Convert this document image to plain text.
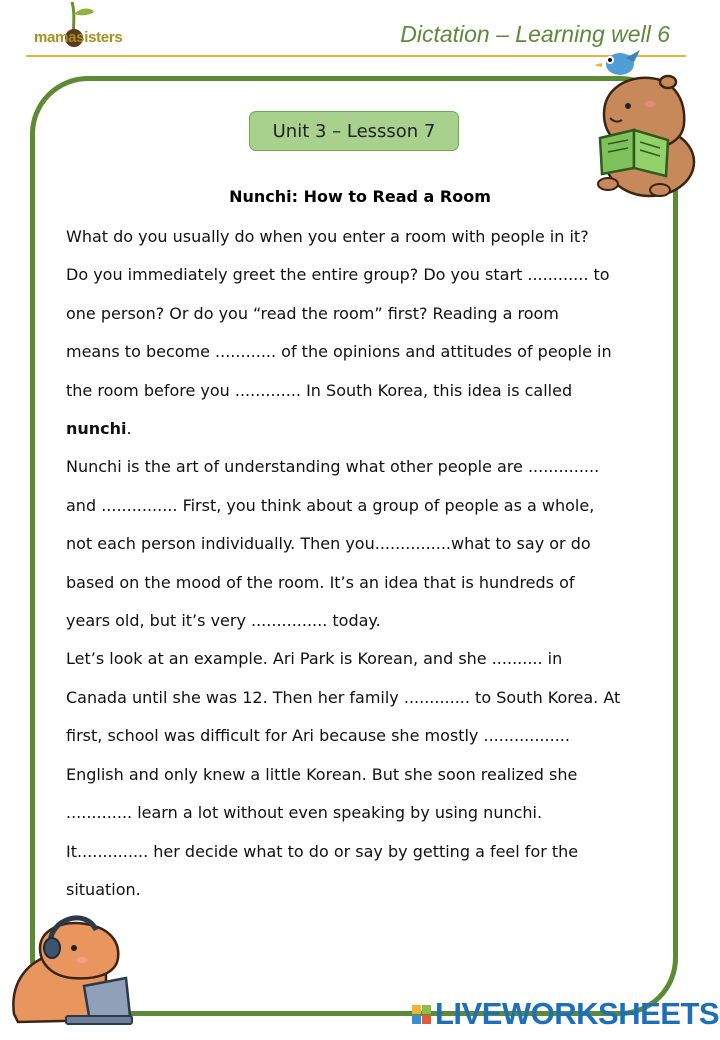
mamasisters	Dictation – Learning well 6
Unit 3 – Lessson 7
Nunchi: How to Read a Room
What do you usually do when you enter a room with people in it?
Do you immediately greet the entire group? Do you start ............ to
one person? Or do you “read the room” first? Reading a room
means to become ............ of the opinions and attitudes of people in
the room before you ............. In South Korea, this idea is called
nunchi.
Nunchi is the art of understanding what other people are ..............
and ............... First, you think about a group of people as a whole,
not each person individually. Then you...............what to say or do
based on the mood of the room. It’s an idea that is hundreds of
years old, but it’s very ............... today.
Let’s look at an example. Ari Park is Korean, and she .......... in
Canada until she was 12. Then her family ............. to South Korea. At
first, school was difficult for Ari because she mostly .................
English and only knew a little Korean. But she soon realized she
............. learn a lot without even speaking by using nunchi.
It.............. her decide what to do or say by getting a feel for the
situation.
LIVEWORKSHEETS
